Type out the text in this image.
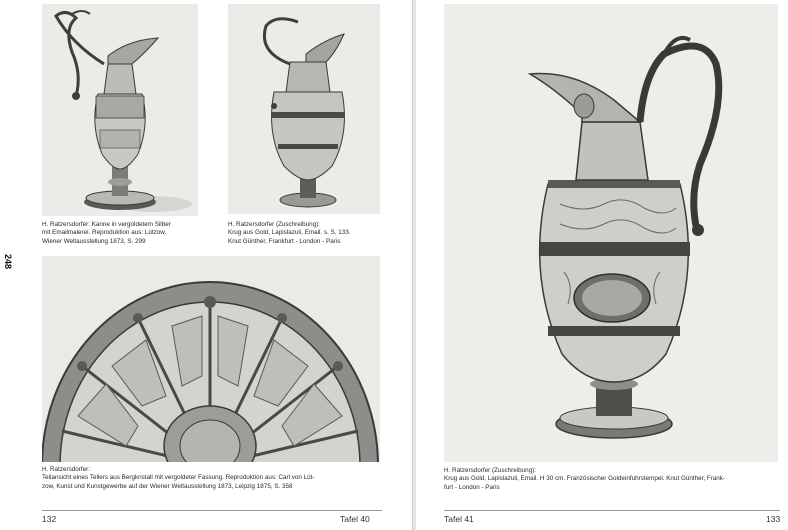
248
H. Ratzersdorfer: Kanne in vergoldetem Silber
mit Emailmalerei. Reproduktion aus: Lützow,
Wiener Weltausstellung 1873, S. 299
H. Ratzersdorfer (Zuschreibung):
Krug aus Gold, Lapislazuli, Email. s. S. 133.
Knut Günther, Frankfurt - London - Paris
H. Ratzersdorfer:
Teilansicht eines Tellers aus Bergkristall mit vergoldeter Fassung. Reproduktion aus: Carl von Lüt-
zow, Kunst und Kunstgewerbe auf der Wiener Weltausstellung 1873, Leipzig 1875, S. 358
132	Tafel 40
H. Ratzersdorfer (Zuschreibung):
Krug aus Gold, Lapislazuli, Email. H 30 cm. Französischer Goldeinfuhrstempel. Knut Günther, Frank-
furt - London - Paris
Tafel 41	133
